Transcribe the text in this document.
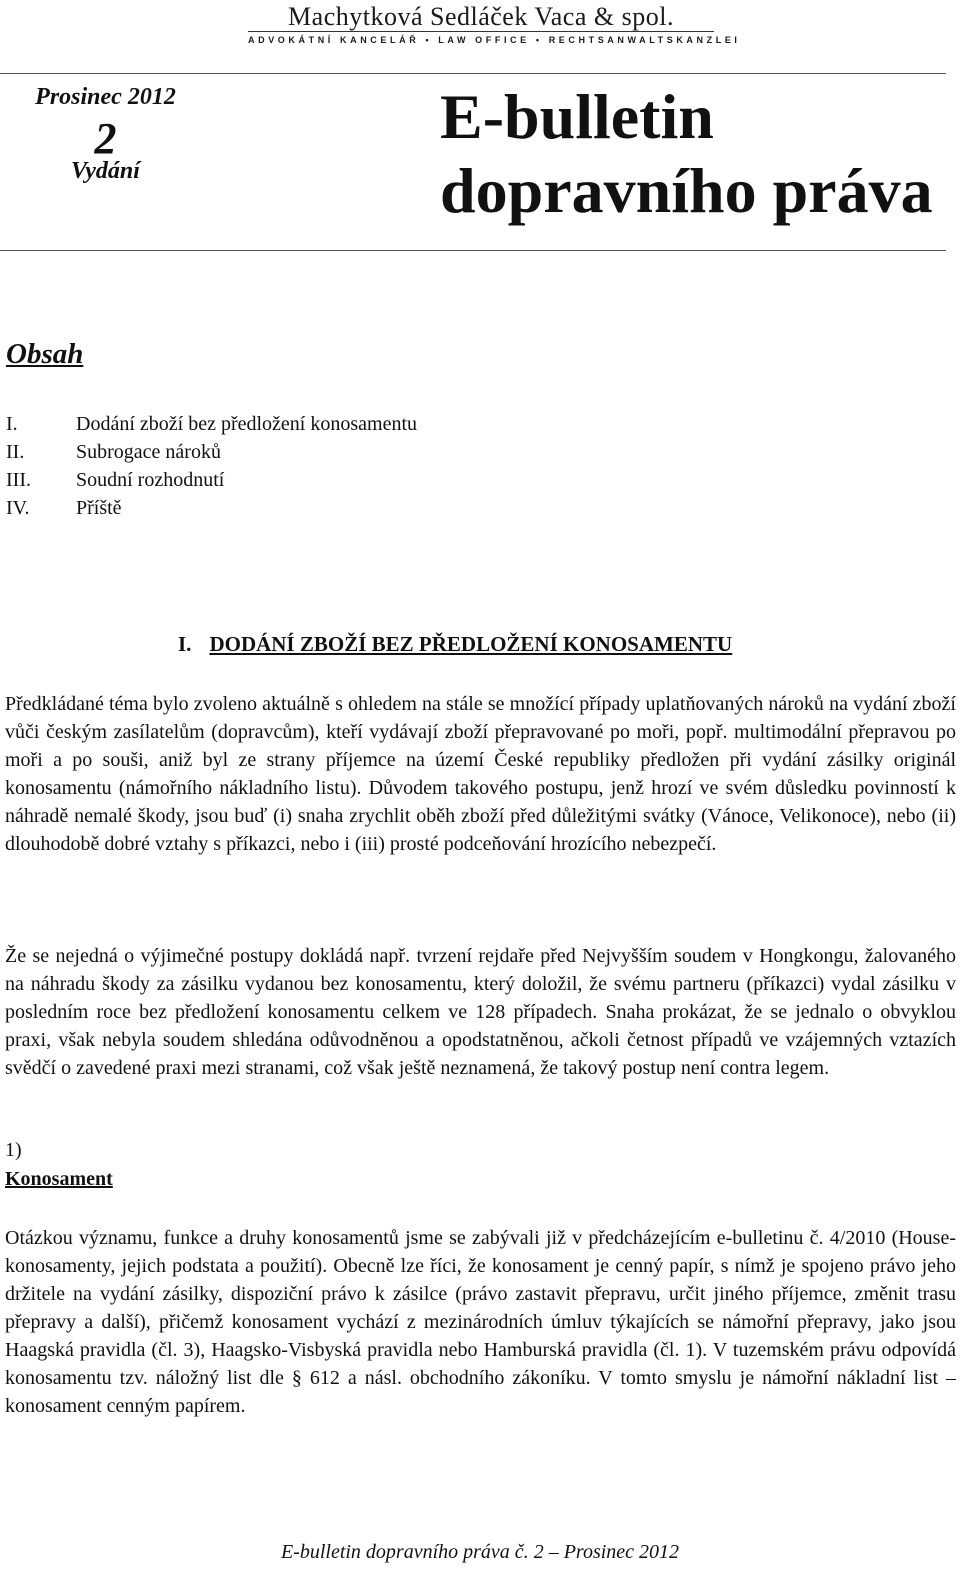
Machytková Sedláček Vaca & spol.
ADVOKÁTNÍ KANCELÁŘ • LAW OFFICE • RECHTSANWALTSKANZLEI
Prosinec 2012
2
Vydání
E-bulletin
dopravního práva
Obsah
I.	Dodání zboží bez předložení konosamentu
II.	Subrogace nároků
III.	Soudní rozhodnutí
IV.	Příště
I. DODÁNÍ ZBOŽÍ BEZ PŘEDLOŽENÍ KONOSAMENTU
Předkládané téma bylo zvoleno aktuálně s ohledem na stále se množící případy uplatňovaných nároků na vydání zboží vůči českým zasílatelům (dopravcům), kteří vydávají zboží přepravované po moři, popř. multimodální přepravou po moři a po souši, aniž byl ze strany příjemce na území České republiky předložen při vydání zásilky originál konosamentu (námořního nákladního listu). Důvodem takového postupu, jenž hrozí ve svém důsledku povinností k náhradě nemalé škody, jsou buď (i) snaha zrychlit oběh zboží před důležitými svátky (Vánoce, Velikonoce), nebo (ii) dlouhodobě dobré vztahy s příkazci, nebo i (iii) prosté podceňování hrozícího nebezpečí.
Že se nejedná o výjimečné postupy dokládá např. tvrzení rejdaře před Nejvyšším soudem v Hongkongu, žalovaného na náhradu škody za zásilku vydanou bez konosamentu, který doložil, že svému partneru (příkazci) vydal zásilku v posledním roce bez předložení konosamentu celkem ve 128 případech. Snaha prokázat, že se jednalo o obvyklou praxi, však nebyla soudem shledána odůvodněnou a opodstatněnou, ačkoli četnost případů ve vzájemných vztazích svědčí o zavedené praxi mezi stranami, což však ještě neznamená, že takový postup není contra legem.
1)
Konosament
Otázkou významu, funkce a druhy konosamentů jsme se zabývali již v předcházejícím e-bulletinu č. 4/2010 (House-konosamenty, jejich podstata a použití). Obecně lze říci, že konosament je cenný papír, s nímž je spojeno právo jeho držitele na vydání zásilky, dispoziční právo k zásilce (právo zastavit přepravu, určit jiného příjemce, změnit trasu přepravy a další), přičemž konosament vychází z mezinárodních úmluv týkajících se námořní přepravy, jako jsou Haagská pravidla (čl. 3), Haagsko-Visbyská pravidla nebo Hamburská pravidla (čl. 1). V tuzemském právu odpovídá konosamentu tzv. náložný list dle § 612 a násl. obchodního zákoníku. V tomto smyslu je námořní nákladní list – konosament cenným papírem.
E-bulletin dopravního práva č. 2 – Prosinec 2012
